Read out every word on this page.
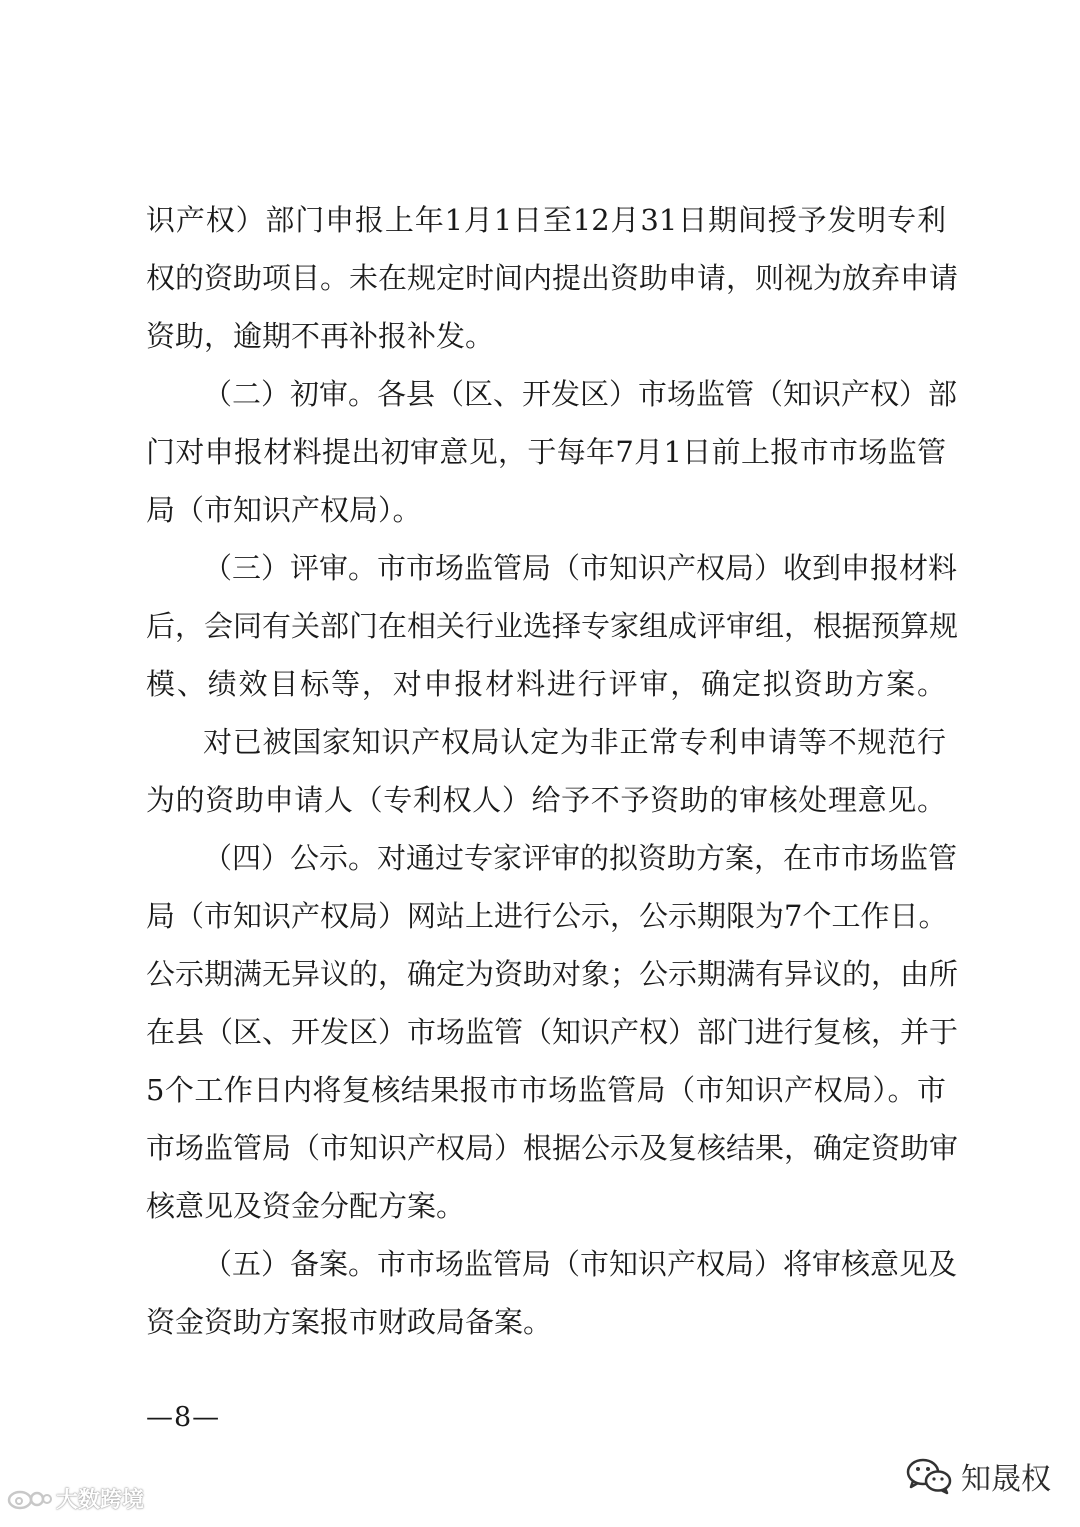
识产权）部门申报上年1月1日至12月31日期间授予发明专利
权的资助项目。未在规定时间内提出资助申请，则视为放弃申请
资助，逾期不再补报补发。
（二）初审。各县（区、开发区）市场监管（知识产权）部
门对申报材料提出初审意见，于每年7月1日前上报市市场监管
局（市知识产权局）。
（三）评审。市市场监管局（市知识产权局）收到申报材料
后，会同有关部门在相关行业选择专家组成评审组，根据预算规
模、绩效目标等，对申报材料进行评审，确定拟资助方案。
对已被国家知识产权局认定为非正常专利申请等不规范行
为的资助申请人（专利权人）给予不予资助的审核处理意见。
（四）公示。对通过专家评审的拟资助方案，在市市场监管
局（市知识产权局）网站上进行公示，公示期限为7个工作日。
公示期满无异议的，确定为资助对象；公示期满有异议的，由所
在县（区、开发区）市场监管（知识产权）部门进行复核，并于
5个工作日内将复核结果报市市场监管局（市知识产权局）。市
市场监管局（市知识产权局）根据公示及复核结果，确定资助审
核意见及资金分配方案。
（五）备案。市市场监管局（市知识产权局）将审核意见及
资金资助方案报市财政局备案。
—8—
大数跨境
知晟权
